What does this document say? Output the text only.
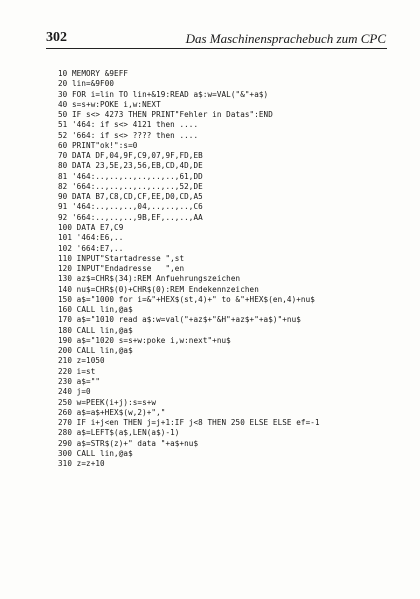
302	Das Maschinensprachebuch zum CPC
10 MEMORY &9EFF
20 lin=&9F00
30 FOR i=lin TO lin+&19:READ a$:w=VAL("&"+a$)
40 s=s+w:POKE i,w:NEXT
50 IF s<> 4273 THEN PRINT"Fehler in Datas":END
51 '464: if s<> 4121 then ....
52 '664: if s<> ???? then ....
60 PRINT"ok!":s=0
70 DATA DF,04,9F,C9,07,9F,FD,EB
80 DATA 23,5E,23,56,EB,CD,4D,DE
81 '464:..,..,..,..,..,..,61,DD
82 '664:..,..,..,..,..,..,52,DE
90 DATA B7,C8,CD,CF,EE,D0,CD,A5
91 '464:..,..,..,04,..,..,..,C6
92 '664:..,..,..,9B,EF,..,..,AA
100 DATA E7,C9
101 '464:E6,..
102 '664:E7,..
110 INPUT"Startadresse ",st
120 INPUT"Endadresse   ",en
130 az$=CHR$(34):REM Anfuehrungszeichen
140 nu$=CHR$(0)+CHR$(0):REM Endekennzeichen
150 a$="1000 for i=&"+HEX$(st,4)+" to &"+HEX$(en,4)+nu$
160 CALL lin,@a$
170 a$="1010 read a$:w=val("+az$+"&H"+az$+"+a$)"+nu$
180 CALL lin,@a$
190 a$="1020 s=s+w:poke i,w:next"+nu$
200 CALL lin,@a$
210 z=1050
220 i=st
230 a$=""
240 j=0
250 w=PEEK(i+j):s=s+w
260 a$=a$+HEX$(w,2)+","
270 IF i+j<en THEN j=j+1:IF j<8 THEN 250 ELSE ELSE ef=-1
280 a$=LEFT$(a$,LEN(a$)-1)
290 a$=STR$(z)+" data "+a$+nu$
300 CALL lin,@a$
310 z=z+10
